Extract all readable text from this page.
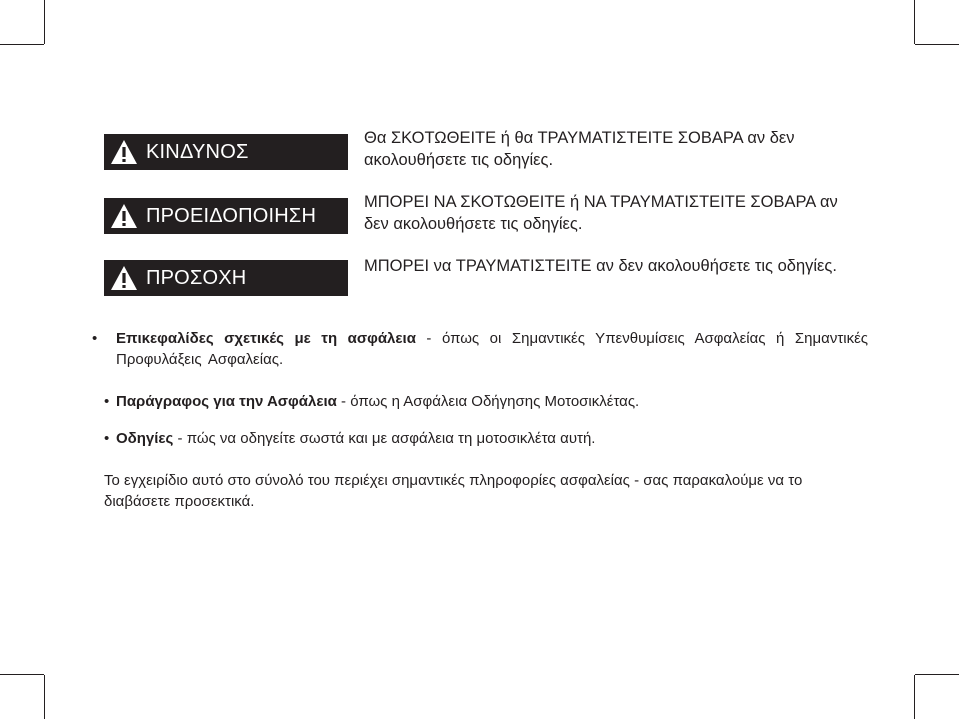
ΚΙΝΔΥΝΟΣ
Θα ΣΚΟΤΩΘΕΙΤΕ ή θα ΤΡΑΥΜΑΤΙΣΤΕΙΤΕ ΣΟΒΑΡΑ αν δεν ακολουθήσετε τις οδηγίες.
ΠΡΟΕΙΔΟΠΟΙΗΣΗ
ΜΠΟΡΕΙ ΝΑ ΣΚΟΤΩΘΕΙΤΕ ή ΝΑ ΤΡΑΥΜΑΤΙΣΤΕΙΤΕ ΣΟΒΑΡΑ αν δεν ακολουθήσετε τις οδηγίες.
ΠΡΟΣΟΧΗ
ΜΠΟΡΕΙ να ΤΡΑΥΜΑΤΙΣΤΕΙΤΕ αν δεν ακολουθήσετε τις οδηγίες.
• Επικεφαλίδες σχετικές με τη ασφάλεια - όπως οι Σημαντικές Υπενθυμίσεις Ασφαλείας ή Σημαντικές Προφυλάξεις Ασφαλείας.
• Παράγραφος για την Ασφάλεια - όπως η Ασφάλεια Οδήγησης Μοτοσικλέτας.
• Οδηγίες - πώς να οδηγείτε σωστά και με ασφάλεια τη μοτοσικλέτα αυτή.
Το εγχειρίδιο αυτό στο σύνολό του περιέχει σημαντικές πληροφορίες ασφαλείας - σας παρακαλούμε να το διαβάσετε προσεκτικά.
